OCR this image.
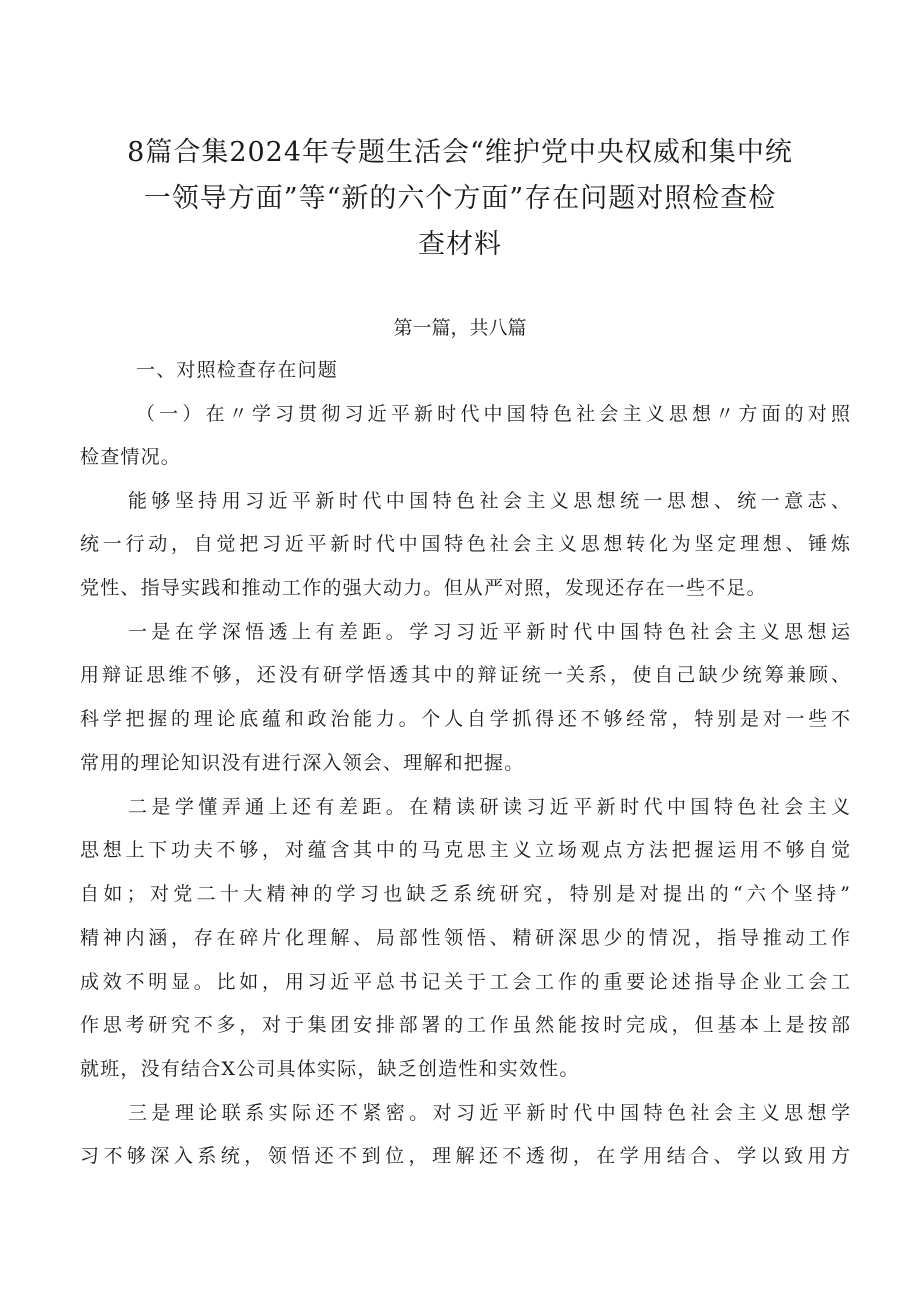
8篇合集2024年专题生活会“维护党中央权威和集中统
一领导方面”等“新的六个方面”存在问题对照检查检
查材料
第一篇，共八篇
一、对照检查存在问题
（一）在〃学习贯彻习近平新时代中国特色社会主义思想〃方面的对照
检查情况。
能够坚持用习近平新时代中国特色社会主义思想统一思想、统一意志、
统一行动，自觉把习近平新时代中国特色社会主义思想转化为坚定理想、锤炼
党性、指导实践和推动工作的强大动力。但从严对照，发现还存在一些不足。
一是在学深悟透上有差距。学习习近平新时代中国特色社会主义思想运
用辩证思维不够，还没有研学悟透其中的辩证统一关系，使自己缺少统筹兼顾、
科学把握的理论底蕴和政治能力。个人自学抓得还不够经常，特别是对一些不
常用的理论知识没有进行深入领会、理解和把握。
二是学懂弄通上还有差距。在精读研读习近平新时代中国特色社会主义
思想上下功夫不够，对蕴含其中的马克思主义立场观点方法把握运用不够自觉
自如；对党二十大精神的学习也缺乏系统研究，特别是对提出的“六个坚持”
精神内涵，存在碎片化理解、局部性领悟、精研深思少的情况，指导推动工作
成效不明显。比如，用习近平总书记关于工会工作的重要论述指导企业工会工
作思考研究不多，对于集团安排部署的工作虽然能按时完成，但基本上是按部
就班，没有结合X公司具体实际，缺乏创造性和实效性。
三是理论联系实际还不紧密。对习近平新时代中国特色社会主义思想学
习不够深入系统，领悟还不到位，理解还不透彻，在学用结合、学以致用方
